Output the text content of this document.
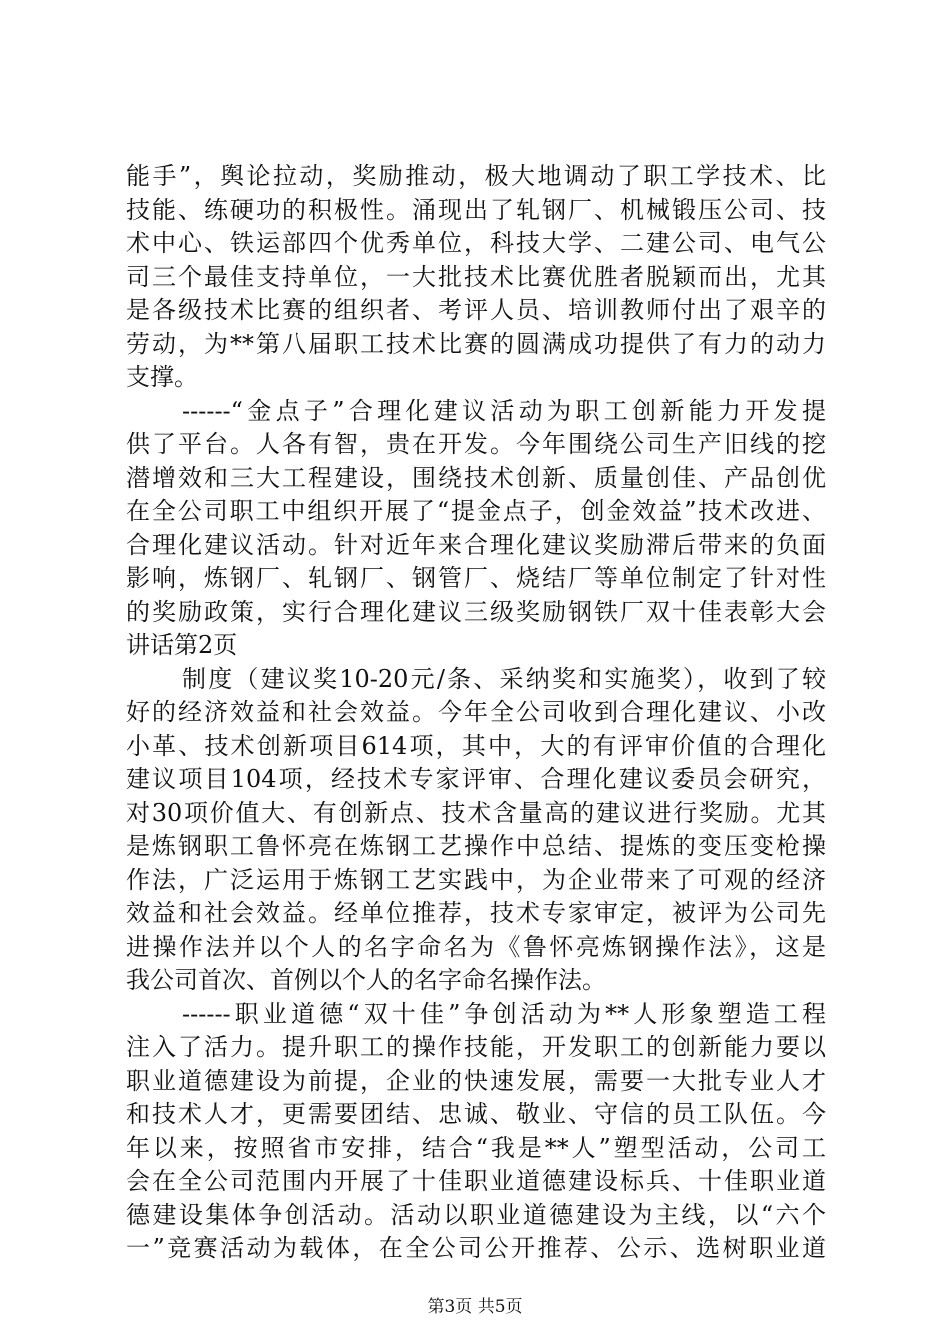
能手”，舆论拉动，奖励推动，极大地调动了职工学技术、比
技能、练硬功的积极性。涌现出了轧钢厂、机械锻压公司、技
术中心、铁运部四个优秀单位，科技大学、二建公司、电气公
司三个最佳支持单位，一大批技术比赛优胜者脱颖而出，尤其
是各级技术比赛的组织者、考评人员、培训教师付出了艰辛的
劳动，为**第八届职工技术比赛的圆满成功提供了有力的动力
支撑。
------“金点子”合理化建议活动为职工创新能力开发提
供了平台。人各有智，贵在开发。今年围绕公司生产旧线的挖
潜增效和三大工程建设，围绕技术创新、质量创佳、产品创优
在全公司职工中组织开展了“提金点子，创金效益”技术改进、
合理化建议活动。针对近年来合理化建议奖励滞后带来的负面
影响，炼钢厂、轧钢厂、钢管厂、烧结厂等单位制定了针对性
的奖励政策，实行合理化建议三级奖励钢铁厂双十佳表彰大会
讲话第2页
制度（建议奖10-20元/条、采纳奖和实施奖），收到了较
好的经济效益和社会效益。今年全公司收到合理化建议、小改
小革、技术创新项目614项，其中，大的有评审价值的合理化
建议项目104项，经技术专家评审、合理化建议委员会研究，
对30项价值大、有创新点、技术含量高的建议进行奖励。尤其
是炼钢职工鲁怀亮在炼钢工艺操作中总结、提炼的变压变枪操
作法，广泛运用于炼钢工艺实践中，为企业带来了可观的经济
效益和社会效益。经单位推荐，技术专家审定，被评为公司先
进操作法并以个人的名字命名为《鲁怀亮炼钢操作法》，这是
我公司首次、首例以个人的名字命名操作法。
------职业道德“双十佳”争创活动为**人形象塑造工程
注入了活力。提升职工的操作技能，开发职工的创新能力要以
职业道德建设为前提，企业的快速发展，需要一大批专业人才
和技术人才，更需要团结、忠诚、敬业、守信的员工队伍。今
年以来，按照省市安排，结合“我是**人”塑型活动，公司工
会在全公司范围内开展了十佳职业道德建设标兵、十佳职业道
德建设集体争创活动。活动以职业道德建设为主线，以“六个
一”竞赛活动为载体，在全公司公开推荐、公示、选树职业道
第3页 共5页
